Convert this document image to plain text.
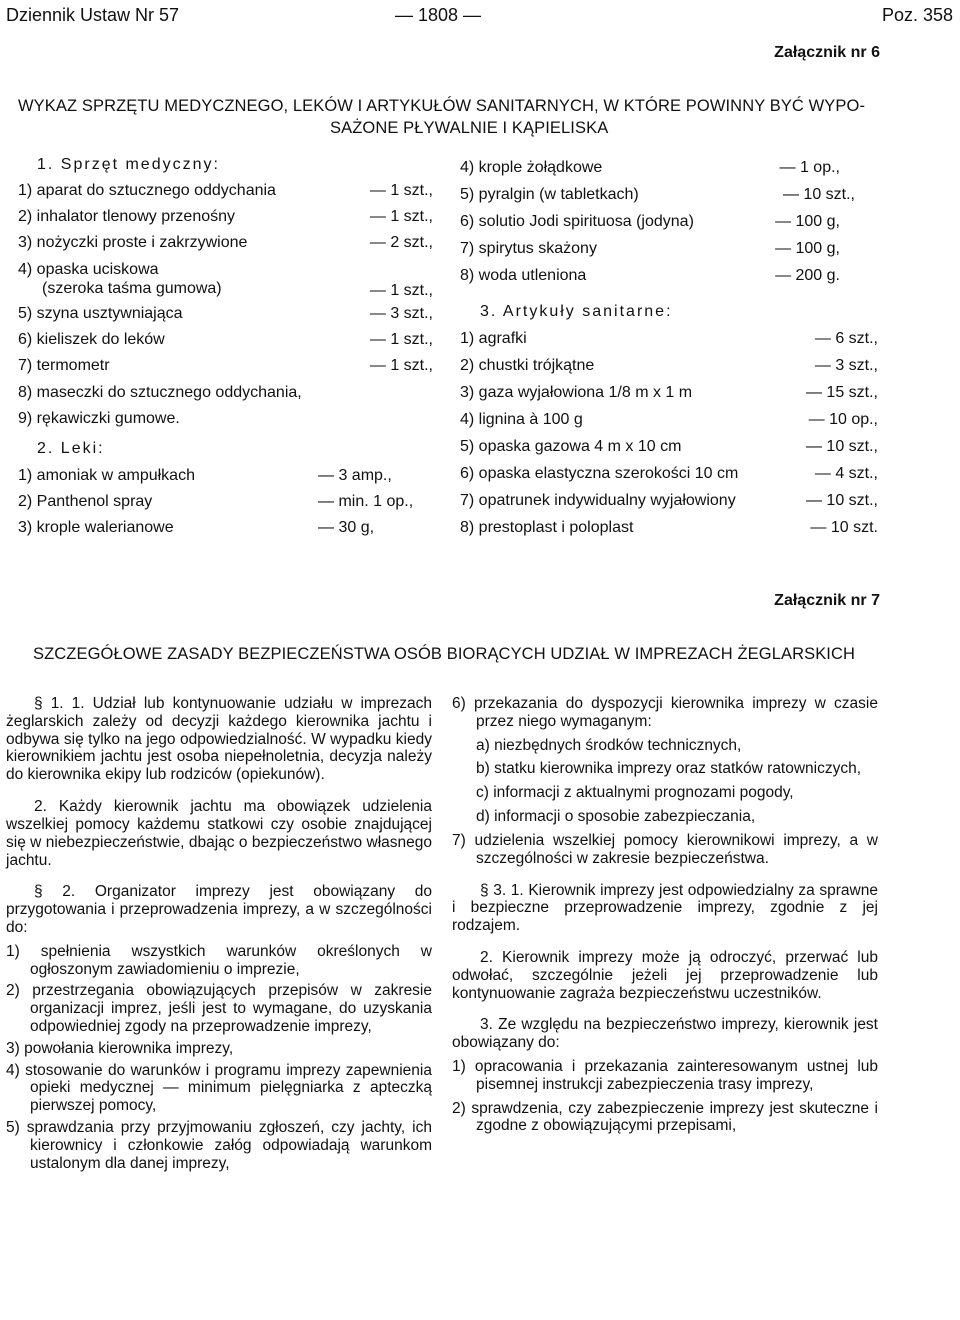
Dziennik Ustaw Nr 57	— 1808 —	Poz. 358
Załącznik nr 6
WYKAZ SPRZĘTU MEDYCZNEGO, LEKÓW I ARTYKUŁÓW SANITARNYCH, W KTÓRE POWINNY BYĆ WYPO-
SAŻONE PŁYWALNIE I KĄPIELISKA
1. Sprzęt medyczny:
1) aparat do sztucznego oddychania	— 1 szt.,
2) inhalator tlenowy przenośny	— 1 szt.,
3) nożyczki proste i zakrzywione	— 2 szt.,
4) opaska uciskowa
(szeroka taśma gumowa)	— 1 szt.,
5) szyna usztywniająca	— 3 szt.,
6) kieliszek do leków	— 1 szt.,
7) termometr	— 1 szt.,
8) maseczki do sztucznego oddychania,
9) rękawiczki gumowe.
2. Leki:
1) amoniak w ampułkach	— 3 amp.,
2) Panthenol spray	— min. 1 op.,
3) krople walerianowe	— 30 g,
4) krople żołądkowe	— 1 op.,
5) pyralgin (w tabletkach)	— 10 szt.,
6) solutio Jodi spirituosa (jodyna)	— 100 g,
7) spirytus skażony	— 100 g,
8) woda utleniona	— 200 g.
3. Artykuły sanitarne:
1) agrafki	— 6 szt.,
2) chustki trójkątne	— 3 szt.,
3) gaza wyjałowiona 1/8 m x 1 m	— 15 szt.,
4) lignina à 100 g	— 10 op.,
5) opaska gazowa 4 m x 10 cm	— 10 szt.,
6) opaska elastyczna szerokości 10 cm	— 4 szt.,
7) opatrunek indywidualny wyjałowiony	— 10 szt.,
8) prestoplast i poloplast	— 10 szt.
Załącznik nr 7
SZCZEGÓŁOWE ZASADY BEZPIECZEŃSTWA OSÓB BIORĄCYCH UDZIAŁ W IMPREZACH ŻEGLARSKICH

§ 1. 1. Udział lub kontynuowanie udziału w imprezach żeglarskich zależy od decyzji każdego kierownika jachtu i odbywa się tylko na jego odpowiedzialność. W wypadku kiedy kierownikiem jachtu jest osoba niepełnoletnia, decyzja należy do kierownika ekipy lub rodziców (opiekunów).

2. Każdy kierownik jachtu ma obowiązek udzielenia wszelkiej pomocy każdemu statkowi czy osobie znajdującej się w niebezpieczeństwie, dbając o bezpieczeństwo własnego jachtu.

§ 2. Organizator imprezy jest obowiązany do przygotowania i przeprowadzenia imprezy, a w szczególności do:

1) spełnienia wszystkich warunków określonych w ogłoszonym zawiadomieniu o imprezie,

2) przestrzegania obowiązujących przepisów w zakresie organizacji imprez, jeśli jest to wymagane, do uzyskania odpowiedniej zgody na przeprowadzenie imprezy,

3) powołania kierownika imprezy,

4) stosowanie do warunków i programu imprezy zapewnienia opieki medycznej — minimum pielęgniarka z apteczką pierwszej pomocy,

5) sprawdzania przy przyjmowaniu zgłoszeń, czy jachty, ich kierownicy i członkowie załóg odpowiadają warunkom ustalonym dla danej imprezy,

6) przekazania do dyspozycji kierownika imprezy w czasie przez niego wymaganym:

a) niezbędnych środków technicznych,

b) statku kierownika imprezy oraz statków ratowniczych,

c) informacji z aktualnymi prognozami pogody,

d) informacji o sposobie zabezpieczania,

7) udzielenia wszelkiej pomocy kierownikowi imprezy, a w szczególności w zakresie bezpieczeństwa.

§ 3. 1. Kierownik imprezy jest odpowiedzialny za sprawne i bezpieczne przeprowadzenie imprezy, zgodnie z jej rodzajem.

2. Kierownik imprezy może ją odroczyć, przerwać lub odwołać, szczególnie jeżeli jej przeprowadzenie lub kontynuowanie zagraża bezpieczeństwu uczestników.

3. Ze względu na bezpieczeństwo imprezy, kierownik jest obowiązany do:

1) opracowania i przekazania zainteresowanym ustnej lub pisemnej instrukcji zabezpieczenia trasy imprezy,

2) sprawdzenia, czy zabezpieczenie imprezy jest skuteczne i zgodne z obowiązującymi przepisami,
